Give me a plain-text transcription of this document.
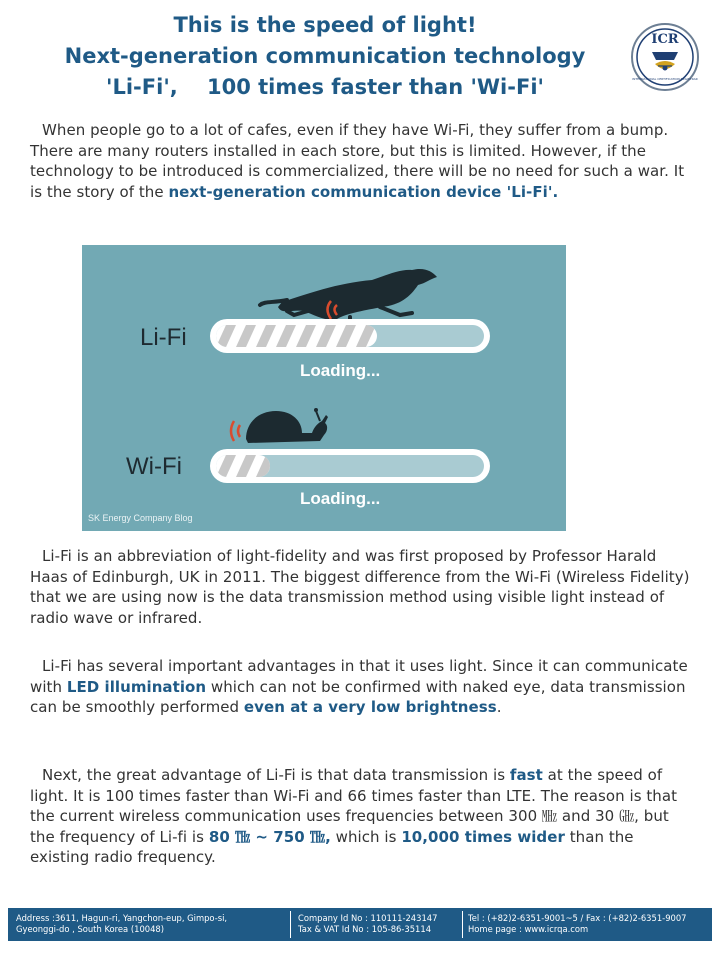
This is the speed of light!
Next-generation communication technology
'Li-Fi',    100 times faster than 'Wi-Fi'
ICR
INTERNATIONAL CERTIFICATION REGISTRAR

When people go to a lot of cafes, even if they have Wi-Fi, they suffer from a bump. There are many routers installed in each store, but this is limited. However, if the technology to be introduced is commercialized, there will be no need for such a war. It is the story of the next-generation communication device 'Li-Fi'.

Li-Fi
Loading...
Wi-Fi
Loading...
SK Energy Company Blog

Li-Fi is an abbreviation of light-fidelity and was first proposed by Professor Harald Haas of Edinburgh, UK in 2011. The biggest difference from the Wi-Fi (Wireless Fidelity) that we are using now is the data transmission method using visible light instead of radio wave or infrared.

Li-Fi has several important advantages in that it uses light. Since it can communicate with LED illumination which can not be confirmed with naked eye, data transmission can be smoothly performed even at a very low brightness.

Next, the great advantage of Li-Fi is that data transmission is fast at the speed of light. It is 100 times faster than Wi-Fi and 66 times faster than LTE. The reason is that the current wireless communication uses frequencies between 300 ㎒ and 30 ㎓, but the frequency of Li-fi is 80 ㎔ ~ 750 ㎔, which is 10,000 times wider than the existing radio frequency.

Address :3611, Hagun-ri, Yangchon-eup, Gimpo-si,
Gyeonggi-do , South Korea (10048)
Company Id No : 110111-243147
Tax & VAT Id No : 105-86-35114
Tel : (+82)2-6351-9001~5 / Fax : (+82)2-6351-9007
Home page : www.icrqa.com
